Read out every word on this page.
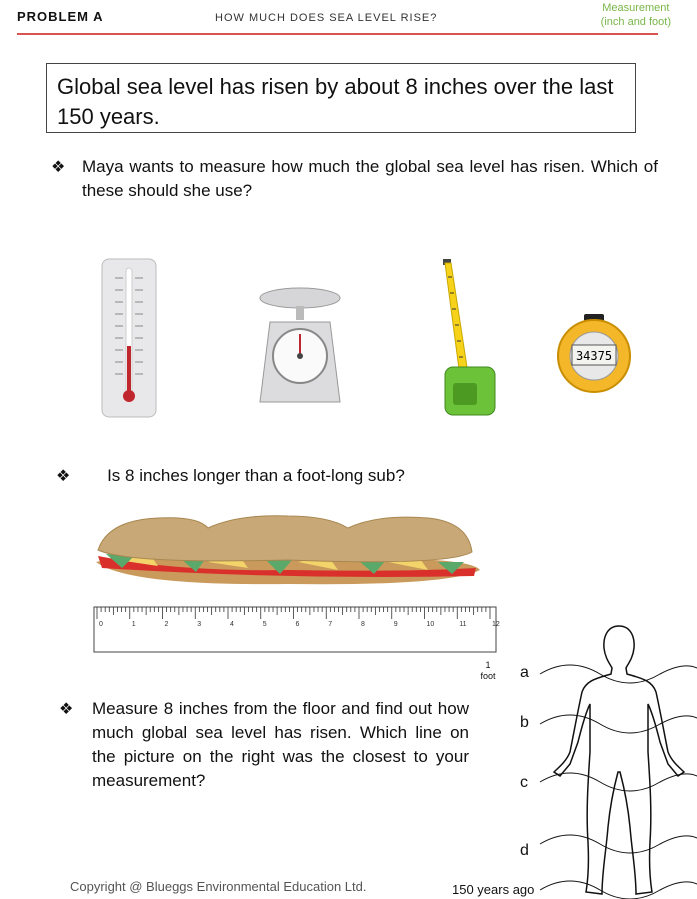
PROBLEM A	HOW MUCH DOES SEA LEVEL RISE?
Measurement
(inch and foot)
Global sea level has risen by about 8 inches over the last 150 years.
❖ Maya wants to measure how much the global sea level has risen. Which of these should she use?
34375
❖ Is 8 inches longer than a foot-long sub?
0	1	2	3	4	5	6	7	8	9	10	11	12
1
foot
❖ Measure 8 inches from the floor and find out how much global sea level has risen. Which line on the picture on the right was the closest to your measurement?
a
b
c
d
Copyright @ Blueggs Environmental Education Ltd.	150 years ago
